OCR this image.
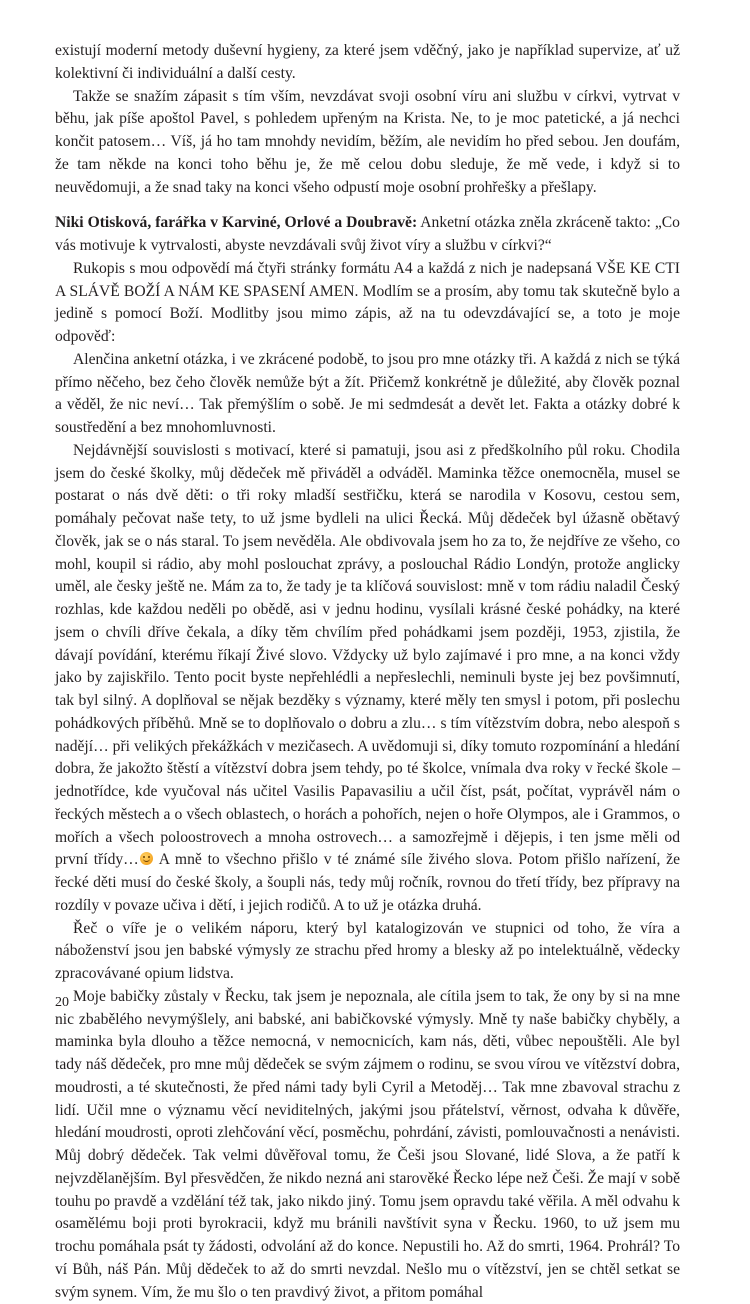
existují moderní metody duševní hygieny, za které jsem vděčný, jako je například supervize, ať už kolektivní či individuální a další cesty.

Takže se snažím zápasit s tím vším, nevzdávat svoji osobní víru ani službu v církvi, vytrvat v běhu, jak píše apoštol Pavel, s pohledem upřeným na Krista. Ne, to je moc patetické, a já nechci končit patosem… Víš, já ho tam mnohdy nevidím, běžím, ale nevidím ho před sebou. Jen doufám, že tam někde na konci toho běhu je, že mě celou dobu sleduje, že mě vede, i když si to neuvědomuji, a že snad taky na konci všeho odpustí moje osobní prohřešky a přešlapy.

Niki Otisková, farářka v Karviné, Orlové a Doubravě: Anketní otázka zněla zkráceně takto: „Co vás motivuje k vytrvalosti, abyste nevzdávali svůj život víry a službu v církvi?“

Rukopis s mou odpovědí má čtyři stránky formátu A4 a každá z nich je nadepsaná VŠE KE CTI A SLÁVĚ BOŽÍ A NÁM KE SPASENÍ AMEN. Modlím se a prosím, aby tomu tak skutečně bylo a jedině s pomocí Boží. Modlitby jsou mimo zápis, až na tu odevzdávající se, a toto je moje odpověď:

Alenčina anketní otázka, i ve zkrácené podobě, to jsou pro mne otázky tři. A každá z nich se týká přímo něčeho, bez čeho člověk nemůže být a žít. Přičemž konkrétně je důležité, aby člověk poznal a věděl, že nic neví… Tak přemýšlím o sobě. Je mi sedmdesát a devět let. Fakta a otázky dobré k soustředění a bez mnohomluvnosti.

Nejdávnější souvislosti s motivací, které si pamatuji, jsou asi z předškolního půl roku. Chodila jsem do české školky, můj dědeček mě přiváděl a odváděl. Maminka těžce onemocněla, musel se postarat o nás dvě děti: o tři roky mladší sestřičku, která se narodila v Kosovu, cestou sem, pomáhaly pečovat naše tety, to už jsme bydleli na ulici Řecká. Můj dědeček byl úžasně obětavý člověk, jak se o nás staral. To jsem nevěděla. Ale obdivovala jsem ho za to, že nejdříve ze všeho, co mohl, koupil si rádio, aby mohl poslouchat zprávy, a poslouchal Rádio Londýn, protože anglicky uměl, ale česky ještě ne. Mám za to, že tady je ta klíčová souvislost: mně v tom rádiu naladil Český rozhlas, kde každou neděli po obědě, asi v jednu hodinu, vysílali krásné české pohádky, na které jsem o chvíli dříve čekala, a díky těm chvílím před pohádkami jsem později, 1953, zjistila, že dávají povídání, kterému říkají Živé slovo. Vždycky už bylo zajímavé i pro mne, a na konci vždy jako by zajiskřilo. Tento pocit byste nepřehlédli a nepřeslechli, neminuli byste jej bez povšimnutí, tak byl silný. A doplňoval se nějak bezděky s významy, které měly ten smysl i potom, při poslechu pohádkových příběhů. Mně se to doplňovalo o dobru a zlu… s tím vítězstvím dobra, nebo alespoň s nadějí… při velikých překážkách v mezičasech. A uvědomuji si, díky tomuto rozpomínání a hledání dobra, že jakožto štěstí a vítězství dobra jsem tehdy, po té školce, vnímala dva roky v řecké škole – jednotřídce, kde vyučoval nás učitel Vasilis Papavasiliu a učil číst, psát, počítat, vyprávěl nám o řeckých městech a o všech oblastech, o horách a pohořích, nejen o hoře Olympos, ale i Grammos, o mořích a všech poloostrovech a mnoha ostrovech… a samozřejmě i dějepis, i ten jsme měli od první třídy… A mně to všechno přišlo v té známé síle živého slova. Potom přišlo nařízení, že řecké děti musí do české školy, a šoupli nás, tedy můj ročník, rovnou do třetí třídy, bez přípravy na rozdíly v povaze učiva i dětí, i jejich rodičů. A to už je otázka druhá.

Řeč o víře je o velikém náporu, který byl katalogizován ve stupnici od toho, že víra a náboženství jsou jen babské výmysly ze strachu před hromy a blesky až po intelektuálně, vědecky zpracovávané opium lidstva.

Moje babičky zůstaly v Řecku, tak jsem je nepoznala, ale cítila jsem to tak, že ony by si na mne nic zbabělého nevymýšlely, ani babské, ani babičkovské výmysly. Mně ty naše babičky chyběly, a maminka byla dlouho a těžce nemocná, v nemocnicích, kam nás, děti, vůbec nepouštěli. Ale byl tady náš dědeček, pro mne můj dědeček se svým zájmem o rodinu, se svou vírou ve vítězství dobra, moudrosti, a té skutečnosti, že před námi tady byli Cyril a Metoděj… Tak mne zbavoval strachu z lidí. Učil mne o významu věcí neviditelných, jakými jsou přátelství, věrnost, odvaha k důvěře, hledání moudrosti, oproti zlehčování věcí, posměchu, pohrdání, závisti, pomlouvačnosti a nenávisti. Můj dobrý dědeček. Tak velmi důvěřoval tomu, že Češi jsou Slované, lidé Slova, a že patří k nejvzdělanějším. Byl přesvědčen, že nikdo nezná ani starověké Řecko lépe než Češi. Že mají v sobě touhu po pravdě a vzdělání též tak, jako nikdo jiný. Tomu jsem opravdu také věřila. A měl odvahu k osamělému boji proti byrokracii, když mu bránili navštívit syna v Řecku. 1960, to už jsem mu trochu pomáhala psát ty žádosti, odvolání až do konce. Nepustili ho. Až do smrti, 1964. Prohrál? To ví Bůh, náš Pán. Můj dědeček to až do smrti nevzdal. Nešlo mu o vítězství, jen se chtěl setkat se svým synem. Vím, že mu šlo o ten pravdivý život, a přitom pomáhal

20
